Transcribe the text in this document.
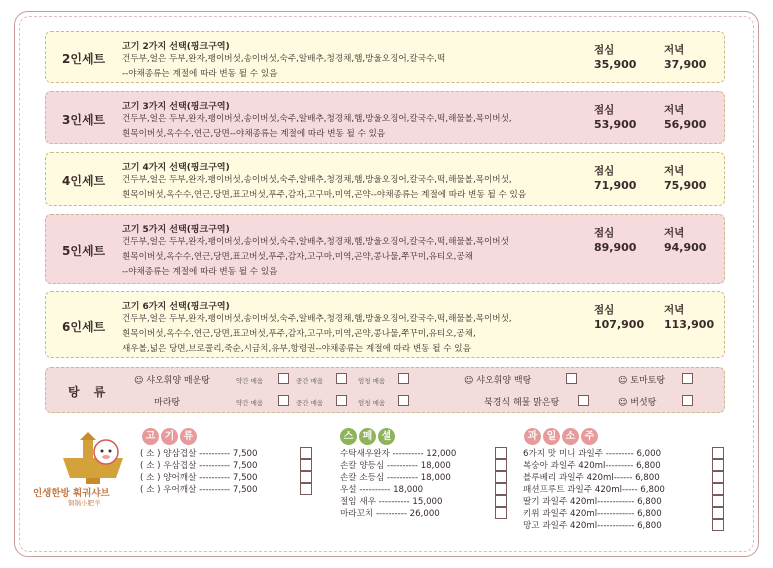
2인세트
고기 2가지 선택(핑크구역)
건두부,얼은 두부,완자,팽이버섯,송이버섯,숙주,알배추,청경채,햄,방울오징어,칼국수,떡
--야채종류는 계절에 따라 변동 될 수 있음
점심	저녁
35,900	37,900
3인세트
고기 3가지 선택(핑크구역)
건두부,얼은 두부,완자,팽이버섯,송이버섯,숙주,알배추,청경채,햄,방울오징어,칼국수,떡,해물볼,목이버섯,
흰목이버섯,옥수수,연근,당면--야채종류는 계절에 따라 변동 될 수 있음
점심	저녁
53,900	56,900
4인세트
고기 4가지 선택(핑크구역)
건두부,얼은 두부,완자,팽이버섯,송이버섯,숙주,알배추,청경채,햄,방울오징어,칼국수,떡,해물볼,목이버섯,
흰목이버섯,옥수수,연근,당면,표고버섯,푸주,감자,고구마,미역,곤약--야채종류는 계절에 따라 변동 될 수 있음
점심	저녁
71,900	75,900
5인세트
고기 5가지 선택(핑크구역)
건두부,얼은 두부,완자,팽이버섯,송이버섯,숙주,알배추,청경채,햄,방울오징어,칼국수,떡,해물볼,목이버섯
흰목이버섯,옥수수,연근,당면,표고버섯,푸주,감자,고구마,미역,곤약,콩나물,쭈꾸미,유티오,공채
--야채종류는 계절에 따라 변동 될 수 있음
점심	저녁
89,900	94,900
6인세트
고기 6가지 선택(핑크구역)
건두부,얼은 두부,완자,팽이버섯,송이버섯,숙주,알배추,청경채,햄,방울오징어,칼국수,떡,해물볼,목이버섯,
흰목이버섯,옥수수,연근,당면,표고버섯,푸주,감자,고구마,미역,곤약,콩나물,쭈꾸미,유티오,공채,
새우볼,넓은 당면,브로콜리,죽순,시금치,유부,항령권--야채종류는 계절에 따라 변동 될 수 있음
점심	저녁
107,900 113,900
탕 류
☺ 샤오휘양 매운탕	약간 매움	중간 매움	엄청 매움
마라탕	약간 매움	중간 매움	엄청 매움
☺ 샤오휘양 백탕
북경식 해물 맑은탕
☺ 토마토탕
☺ 버섯탕
인생한방 훠궈샤브
铜锅小肥羊
고 기 류
( 소 ) 양삼겹살 ---------- 7,500
( 소 ) 우삼겹살 ---------- 7,500
( 소 ) 양어깨살 ---------- 7,500
( 소 ) 우어깨살 ---------- 7,500
스 페 셜
수탁새우완자 ---------- 12,000
손칼 양등심 ---------- 18,000
손칼 소등심 ---------- 18,000
우설 ---------- 18,000
절임 새우 ---------- 15,000
마라꼬치 ---------- 26,000
과 일 소 주
6가지 맛 미니 과일주 --------- 6,000
복숭아 과일주 420ml--------- 6,800
블루베리 과일주 420ml------ 6,800
패션프루트 과일주 420ml----- 6,800
딸기 과일주 420ml------------ 6,800
키위 과일주 420ml------------ 6,800
망고 과일주 420ml------------ 6,800
